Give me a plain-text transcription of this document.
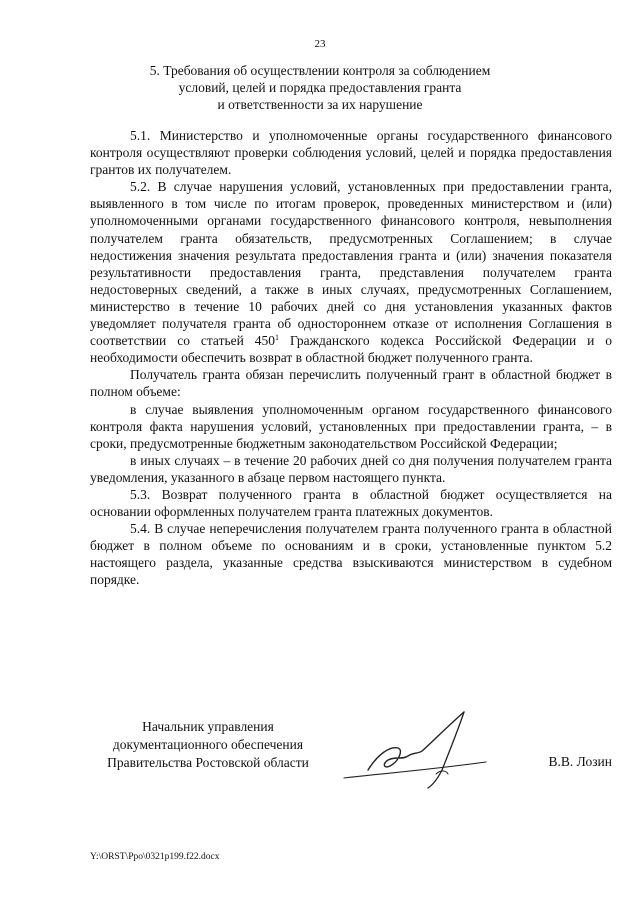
23
5. Требования об осуществлении контроля за соблюдением
условий, целей и порядка предоставления гранта
и ответственности за их нарушение

5.1. Министерство и уполномоченные органы государственного финансового контроля осуществляют проверки соблюдения условий, целей и порядка предоставления грантов их получателем.

5.2. В случае нарушения условий, установленных при предоставлении гранта, выявленного в том числе по итогам проверок, проведенных министерством и (или) уполномоченными органами государственного финансового контроля, невыполнения получателем гранта обязательств, предусмотренных Соглашением; в случае недостижения значения результата предоставления гранта и (или) значения показателя результативности предоставления гранта, представления получателем гранта недостоверных сведений, а также в иных случаях, предусмотренных Соглашением, министерство в течение 10 рабочих дней со дня установления указанных фактов уведомляет получателя гранта об одностороннем отказе от исполнения Соглашения в соответствии со статьей $450^1$ Гражданского кодекса Российской Федерации и о необходимости обеспечить возврат в областной бюджет полученного гранта.

Получатель гранта обязан перечислить полученный грант в областной бюджет в полном объеме:

в случае выявления уполномоченным органом государственного финансового контроля факта нарушения условий, установленных при предоставлении гранта, – в сроки, предусмотренные бюджетным законодательством Российской Федерации;

в иных случаях – в течение 20 рабочих дней со дня получения получателем гранта уведомления, указанного в абзаце первом настоящего пункта.

5.3. Возврат полученного гранта в областной бюджет осуществляется на основании оформленных получателем гранта платежных документов.

5.4. В случае неперечисления получателем гранта полученного гранта в областной бюджет в полном объеме по основаниям и в сроки, установленные пунктом 5.2 настоящего раздела, указанные средства взыскиваются министерством в судебном порядке.

Начальник управления
документационного обеспечения
Правительства Ростовской области	В.В. Лозин
Y:\ORST\Ppo\0321p199.f22.docx
